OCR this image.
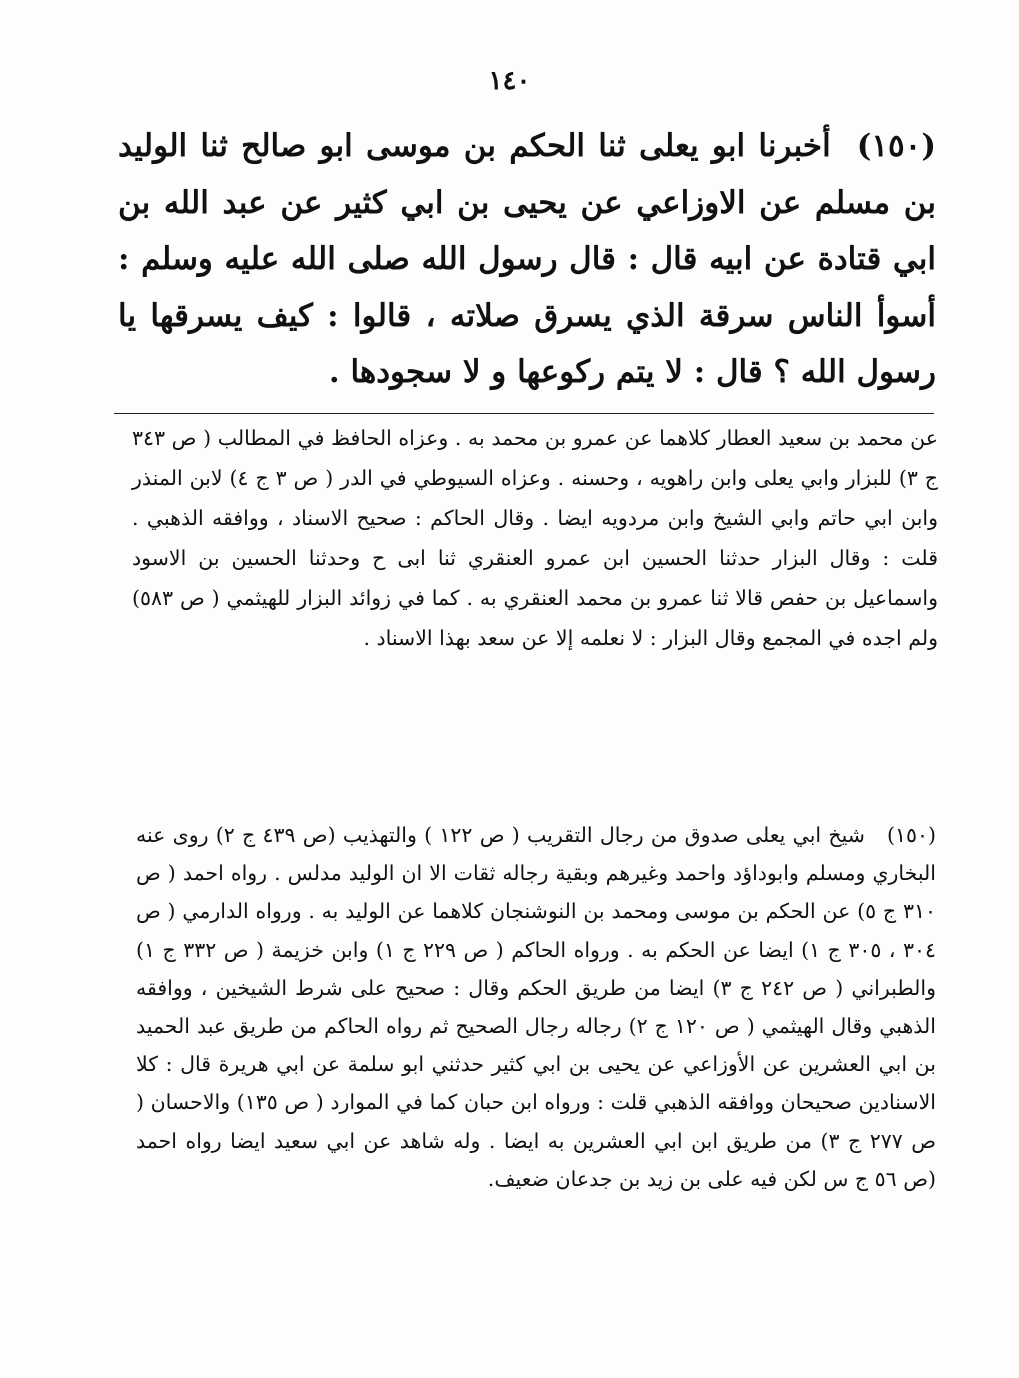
١٤٠
(١٥٠)أخبرنا ابو يعلى ثنا الحكم بن موسى ابو صالح ثنا الوليد بن مسلم عن الاوزاعي عن يحيى بن ابي كثير عن عبد الله بن ابي قتادة عن ابيه قال : قال رسول الله صلى الله عليه وسلم : أسوأ الناس سرقة الذي يسرق صلاته ، قالوا : كيف يسرقها يا رسول الله ؟ قال : لا يتم ركوعها و لا سجودها .
عن محمد بن سعيد العطار كلاهما عن عمرو بن محمد به . وعزاه الحافظ في المطالب ( ص ٣٤٣ ج ٣) للبزار وابي يعلى وابن راهويه ، وحسنه . وعزاه السيوطي في الدر ( ص ٣ ج ٤) لابن المنذر وابن ابي حاتم وابي الشيخ وابن مردويه ايضا . وقال الحاكم : صحيح الاسناد ، ووافقه الذهبي . قلت : وقال البزار حدثنا الحسين ابن عمرو العنقري ثنا ابى ح وحدثنا الحسين بن الاسود واسماعيل بن حفص قالا ثنا عمرو بن محمد العنقري به . كما في زوائد البزار للهيثمي ( ص ٥٨٣) ولم اجده في المجمع وقال البزار : لا نعلمه إلا عن سعد بهذا الاسناد .
(١٥٠)شيخ ابي يعلى صدوق من رجال التقريب ( ص ١٢٢ ) والتهذيب (ص ٤٣٩ ج ٢) روى عنه البخاري ومسلم وابوداؤد واحمد وغيرهم وبقية رجاله ثقات الا ان الوليد مدلس . رواه احمد ( ص ٣١٠ ج ٥) عن الحكم بن موسى ومحمد بن النوشنجان كلاهما عن الوليد به . ورواه الدارمي ( ص ٣٠٤ ، ٣٠٥ ج ١) ايضا عن الحكم به . ورواه الحاكم ( ص ٢٢٩ ج ١) وابن خزيمة ( ص ٣٣٢ ج ١) والطبراني ( ص ٢٤٢ ج ٣) ايضا من طريق الحكم وقال : صحيح على شرط الشيخين ، ووافقه الذهبي وقال الهيثمي ( ص ١٢٠ ج ٢) رجاله رجال الصحيح ثم رواه الحاكم من طريق عبد الحميد بن ابي العشرين عن الأوزاعي عن يحيى بن ابي كثير حدثني ابو سلمة عن ابي هريرة قال : كلا الاسنادين صحيحان ووافقه الذهبي قلت : ورواه ابن حبان كما في الموارد ( ص ١٣٥) والاحسان ( ص ٢٧٧ ج ٣) من طريق ابن ابي العشرين به ايضا . وله شاهد عن ابي سعيد ايضا رواه احمد (ص ٥٦ ج س لكن فيه على بن زيد بن جدعان ضعيف.
